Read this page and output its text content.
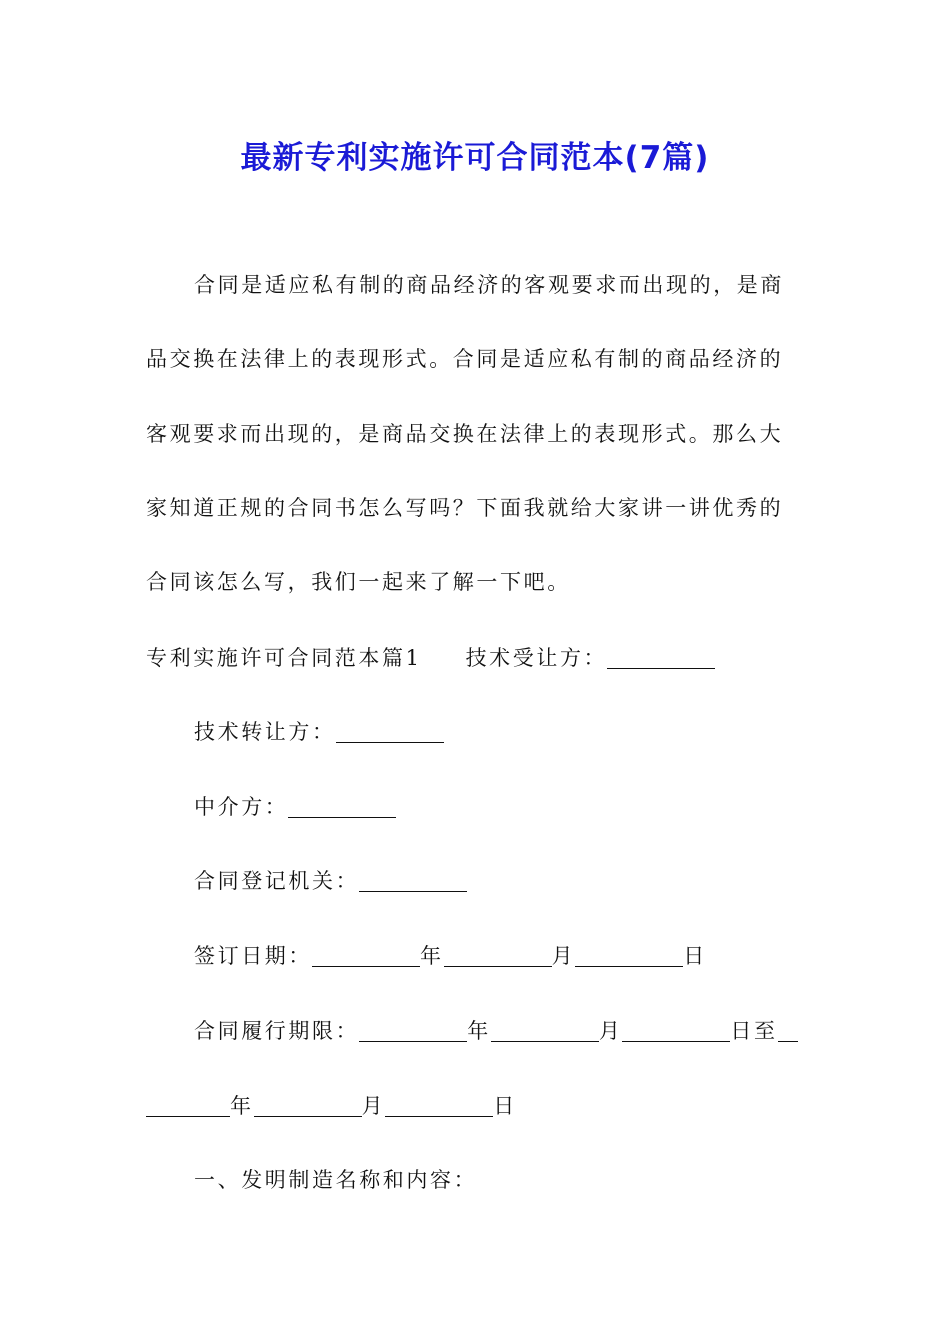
最新专利实施许可合同范本(7篇)

合同是适应私有制的商品经济的客观要求而出现的，是商

品交换在法律上的表现形式。合同是适应私有制的商品经济的

客观要求而出现的，是商品交换在法律上的表现形式。那么大

家知道正规的合同书怎么写吗？下面我就给大家讲一讲优秀的

合同该怎么写，我们一起来了解一下吧。

专利实施许可合同范本篇1 技术受让方：

技术转让方：

中介方：

合同登记机关：

签订日期：	年	月	日

合同履行期限：	年	月	日至

年	月	日

一、发明制造名称和内容：
